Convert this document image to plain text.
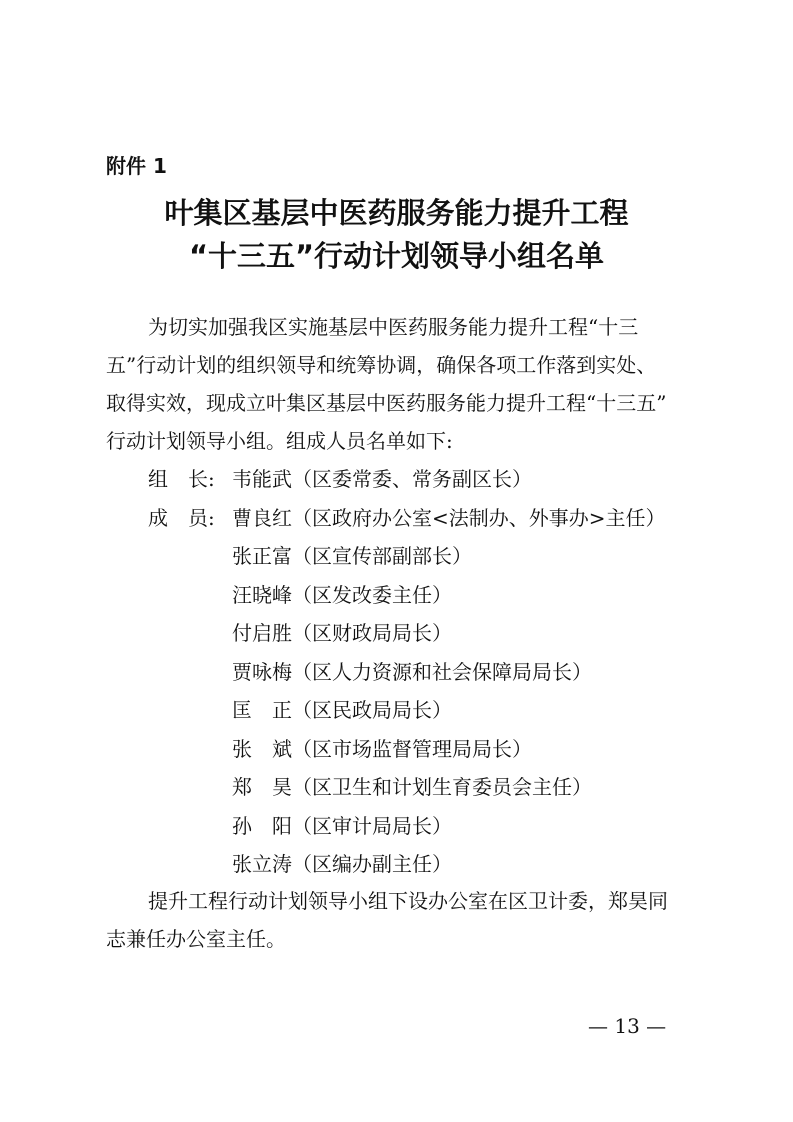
附件 1
叶集区基层中医药服务能力提升工程
“十三五”行动计划领导小组名单
为切实加强我区实施基层中医药服务能力提升工程“十三
五”行动计划的组织领导和统筹协调，确保各项工作落到实处、
取得实效，现成立叶集区基层中医药服务能力提升工程“十三五”
行动计划领导小组。组成人员名单如下:
组　长: 韦能武（区委常委、常务副区长）
成　员: 曹良红（区政府办公室<法制办、外事办>主任）
张正富（区宣传部副部长）
汪晓峰（区发改委主任）
付启胜（区财政局局长）
贾咏梅（区人力资源和社会保障局局长）
匡　正（区民政局局长）
张　斌（区市场监督管理局局长）
郑　昊（区卫生和计划生育委员会主任）
孙　阳（区审计局局长）
张立涛（区编办副主任）
提升工程行动计划领导小组下设办公室在区卫计委，郑昊同
志兼任办公室主任。
— 13 —
